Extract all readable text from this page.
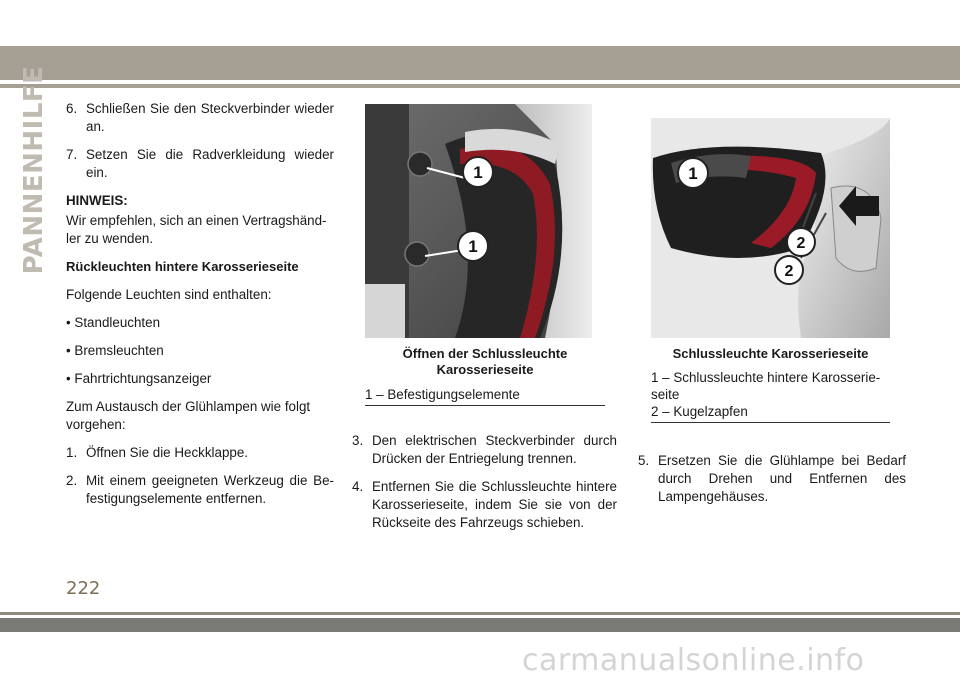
PANNENHILFE 6. Schließen Sie den Steckverbinder wieder an.
7. Setzen Sie die Radverkleidung wieder ein.
HINWEIS:
Wir empfehlen, sich an einen Vertragshänd-ler zu wenden.
Rückleuchten hintere Karosserieseite
Folgende Leuchten sind enthalten:
• Standleuchten
• Bremsleuchten
• Fahrtrichtungsanzeiger
Zum Austausch der Glühlampen wie folgt vorgehen:
1. Öffnen Sie die Heckklappe.
2. Mit einem geeigneten Werkzeug die Be-festigungselemente entfernen.
1
1
Öffnen der Schlussleuchte
Karosserieseite
1 – Befestigungselemente
1
2
2
Schlussleuchte Karosserieseite
1 – Schlussleuchte hintere Karosserie-seite
2 – Kugelzapfen
3. Den elektrischen Steckverbinder durch Drücken der Entriegelung trennen.
4. Entfernen Sie die Schlussleuchte hintere Karosserieseite, indem Sie sie von der Rückseite des Fahrzeugs schieben.
5. Ersetzen Sie die Glühlampe bei Bedarf durch Drehen und Entfernen des Lampengehäuses.
222
carmanualsonline.info
